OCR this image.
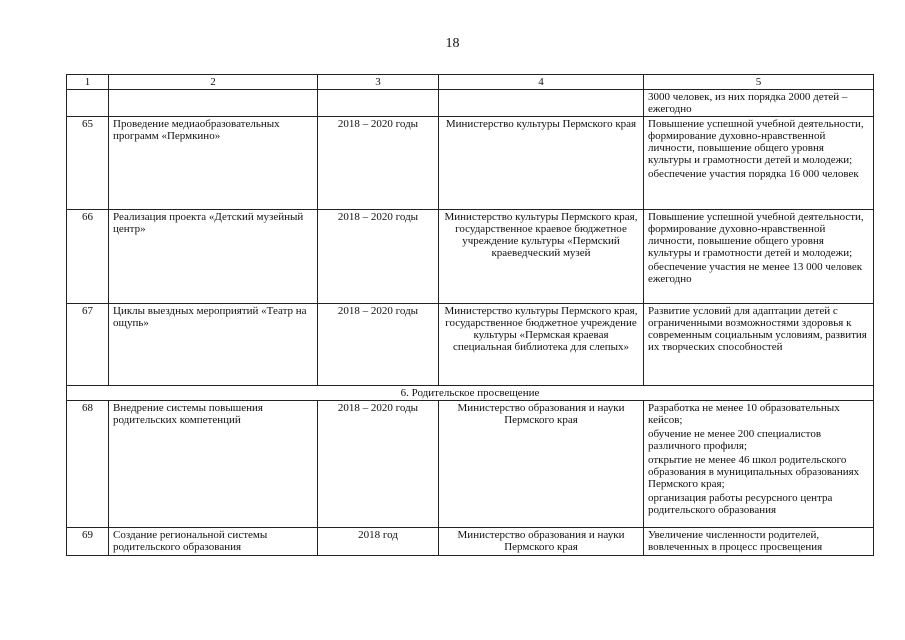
18
1	2	3	4	5
				3000 человек, из них порядка 2000 детей – ежегодно
65	Проведение медиаобразовательных программ «Пермкино»	2018 – 2020 годы	Министерство культуры Пермского края	Повышение успешной учебной деятельности, формирование духовно-нравственной личности, повышение общего уровня культуры и грамотности детей и молодежи;
обеспечение участия порядка 16 000 человек

66	Реализация проекта «Детский музейный центр»	2018 – 2020 годы	Министерство культуры Пермского края, государственное краевое бюджетное учреждение культуры «Пермский краеведческий музей	Повышение успешной учебной деятельности, формирование духовно-нравственной личности, повышение общего уровня культуры и грамотности детей и молодежи;
обеспечение участия не менее 13 000 человек ежегодно

67	Циклы выездных мероприятий «Театр на ощупь»	2018 – 2020 годы	Министерство культуры Пермского края, государственное бюджетное учреждение культуры «Пермская краевая специальная библиотека для слепых»	Развитие условий для адаптации детей с ограниченными возможностями здоровья к современным социальным условиям, развития их творческих способностей

6. Родительское просвещение				
68	Внедрение системы повышения родительских компетенций	2018 – 2020 годы	Министерство образования и науки Пермского края	Разработка не менее 10 образовательных кейсов;
обучение не менее 200 специалистов различного профиля;
открытие не менее 46 школ родительского образования в муниципальных образованиях Пермского края;
организация работы ресурсного центра родительского образования

69	Создание региональной системы родительского образования	2018 год	Министерство образования и науки Пермского края	Увеличение численности родителей, вовлеченных в процесс просвещения
